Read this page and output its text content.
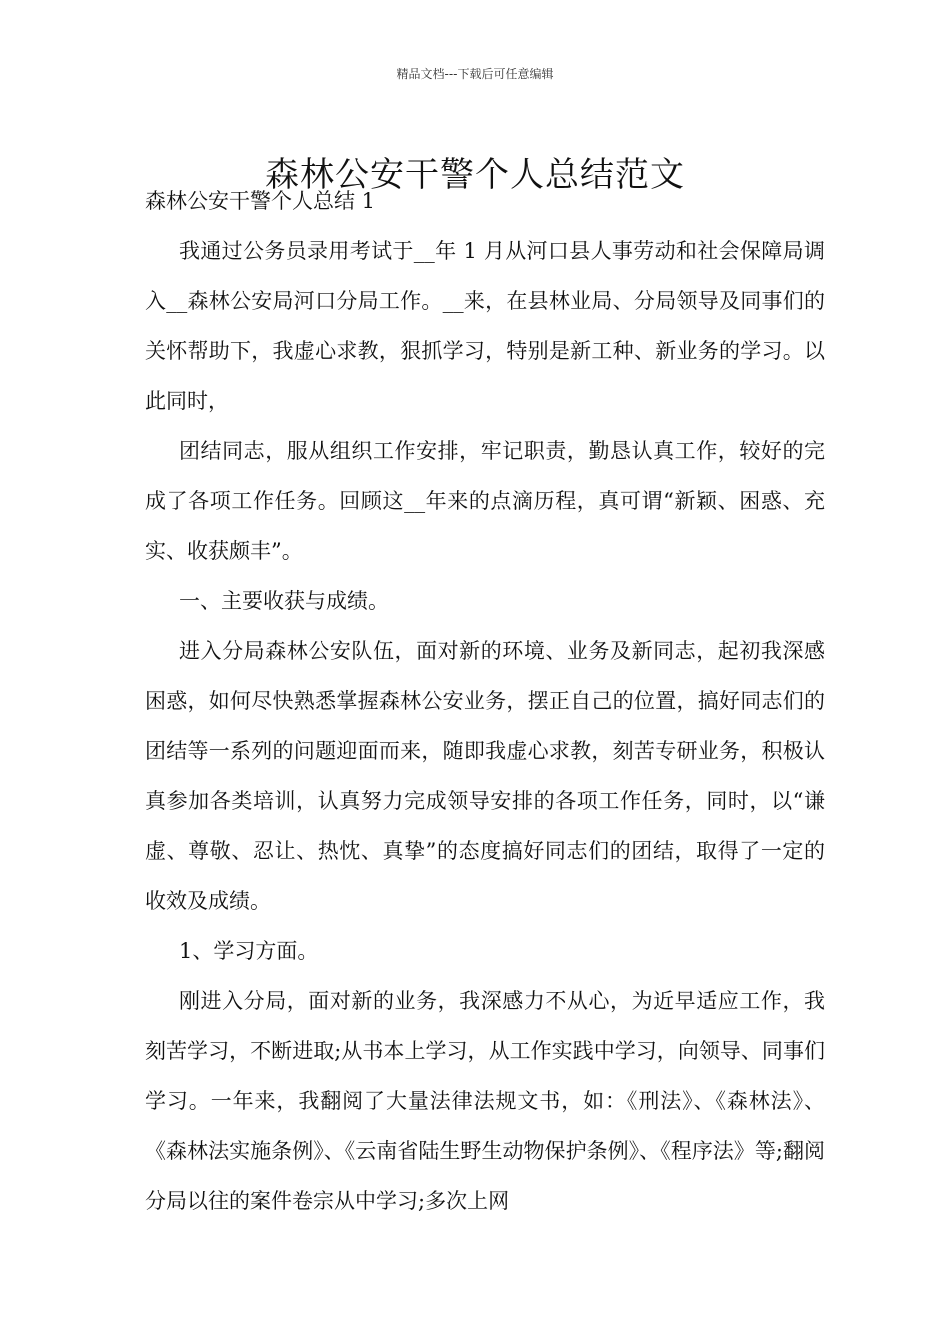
精品文档---下载后可任意编辑
森林公安干警个人总结范文
森林公安干警个人总结 1

我通过公务员录用考试于__年 1 月从河口县人事劳动和社会保障局调入__森林公安局河口分局工作。__来，在县林业局、分局领导及同事们的关怀帮助下，我虚心求教，狠抓学习，特别是新工种、新业务的学习。以此同时，

团结同志，服从组织工作安排，牢记职责，勤恳认真工作，较好的完成了各项工作任务。回顾这__年来的点滴历程，真可谓“新颖、困惑、充实、收获颇丰”。

一、主要收获与成绩。

进入分局森林公安队伍，面对新的环境、业务及新同志，起初我深感困惑，如何尽快熟悉掌握森林公安业务，摆正自己的位置，搞好同志们的团结等一系列的问题迎面而来，随即我虚心求教，刻苦专研业务，积极认真参加各类培训，认真努力完成领导安排的各项工作任务，同时，以“谦虚、尊敬、忍让、热忱、真挚”的态度搞好同志们的团结，取得了一定的收效及成绩。

1、学习方面。

刚进入分局，面对新的业务，我深感力不从心，为近早适应工作，我刻苦学习，不断进取;从书本上学习，从工作实践中学习，向领导、同事们学习。一年来，我翻阅了大量法律法规文书，如：《刑法》、《森林法》、《森林法实施条例》、《云南省陆生野生动物保护条例》、《程序法》等;翻阅分局以往的案件卷宗从中学习;多次上网
